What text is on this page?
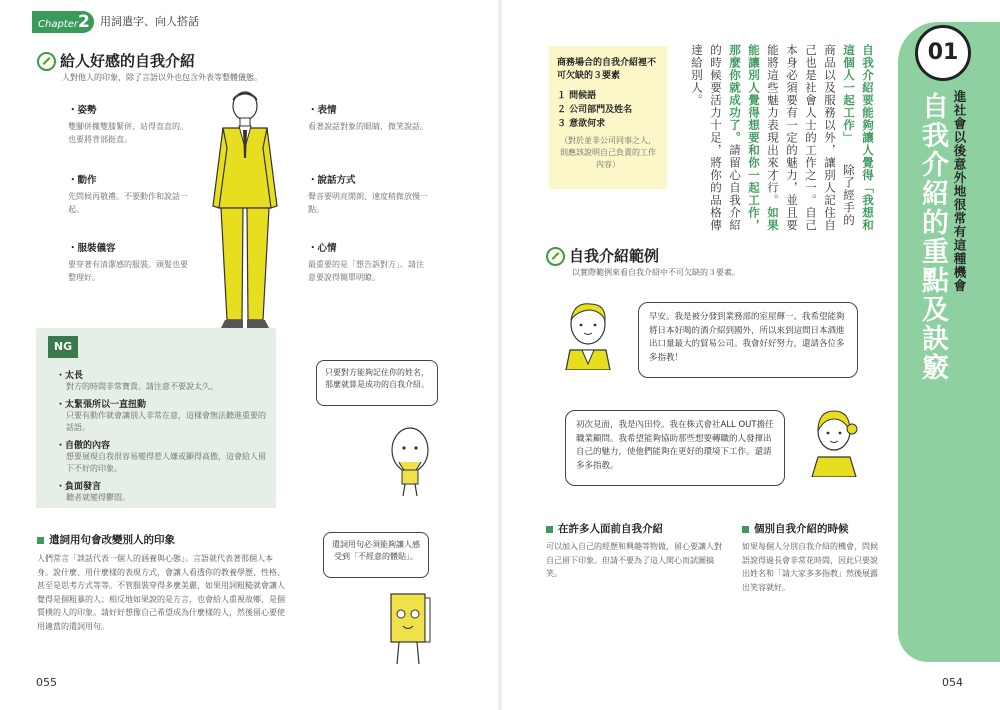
Chapter2 用詞遣字、向人搭話
給人好感的自我介紹
人對他人的印象，除了言語以外也包含外表等整體儀態。
・姿勢
雙腳併攏雙膝緊併、站得直直的。也要將背部挺直。
・動作
先問候再敬禮。不要動作和說話一起。
・服裝儀容
要穿著有清潔感的服裝。頭髮也要整理好。
・表情
看著說話對象的眼睛，微笑說話。
・說話方式
聲音要明亮開朗、速度稍微放慢一點。
・心情
最重要的是「想告訴對方」。請注意要說得簡單明瞭。
NG
・太長
對方的時間非常寶貴。請注意不要說太久。
・太緊張所以一直扭動
只要有動作就會讓別人非常在意，這樣會無法聽進重要的話語。
・自傲的內容
想要展現自我很容易變得惹人嫌或顯得高傲，這會給人留下不好的印象。
・負面發言
聽者就變得鬱悶。
只要對方能夠記住你的姓名，那麼就算是成功的自我介紹。
遣詞用句會改變別人的印象
人們常言「談話代表一個人的涵養與心態」。言語就代表著那個人本身。說什麼、用什麼樣的表現方式，會讓人看透你的教養學歷、性格、甚至是思考方式等等。不管服裝穿得多麼美麗，如果用詞粗糙就會讓人覺得是個粗暴的人；相反地如果說的是方言，也會給人重視故鄉、是個質樸的人的印象。請好好想像自己希望成為什麼樣的人，然後留心要使用適當的遣詞用句。
遣詞用句必須能夠讓人感受到「不經意的體貼」。
055
01
進社會以後意外地很常有這種機會
自我介紹的重點及訣竅
商務場合的自我介紹裡不可欠缺的３要素
１ 問候語
２ 公司部門及姓名
３ 意欲何求
（對於並非公司同事之人，則應該說明自己負責的工作內容）	自我介紹要能夠讓人覺得「我想和這個人一起工作」 除了經手的商品以及服務以外，讓別人記住自己也是社會人士的工作之一。自己本身必須要有一定的魅力，並且要能將這些魅力表現出來才行。如果能讓別人覺得想要和你一起工作，那麼你就成功了。請留心自我介紹的時候要活力十足，將你的品格傳達給別人。
自我介紹範例
以實際範例來看自我介紹中不可欠缺的３要素。
早安。我是被分發到業務部的室屋輝一。我希望能夠將日本好喝的酒介紹到國外，所以來到這間日本酒進出口量最大的貿易公司。我會好好努力，還請各位多多指教！
初次見面，我是內田伶。我在株式會社ALL OUT擔任職業顧問。我希望能夠協助那些想要轉職的人發揮出自己的魅力，使他們能夠在更好的環境下工作。還請多多指教。
在許多人面前自我介紹
可以加入自己的經歷和興趣等物做，留心要讓人對自己留下印象。但請不要為了這人開心而試圖搞笑。
個別自我介紹的時候
如果每個人分別自我介紹的機會，問候語說得過長會非常花時間，因此只要說出姓名和「請大家多多指教」然後展露出笑容就好。
054
